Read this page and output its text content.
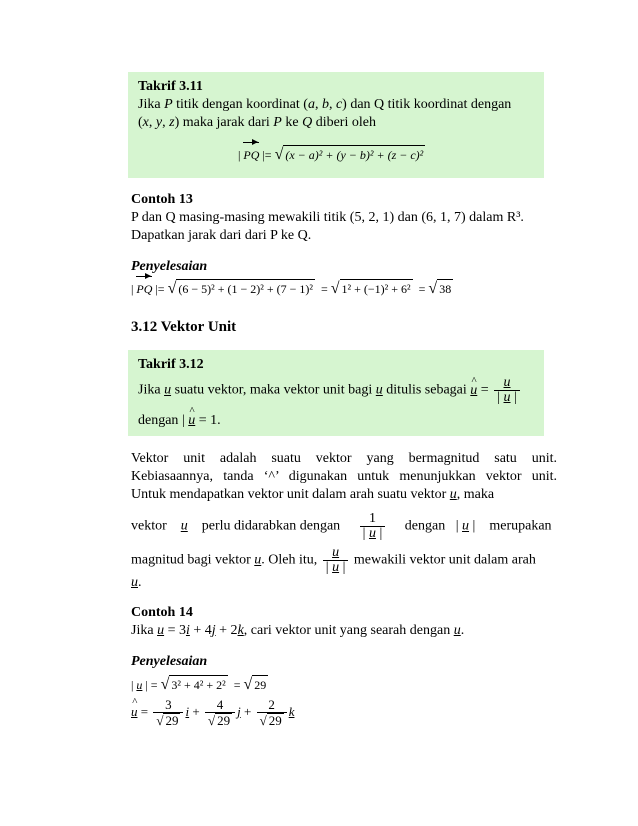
Takrif 3.11
Jika P titik dengan koordinat (a, b, c) dan Q titik koordinat dengan
(x, y, z) maka jarak dari P ke Q diberi oleh
| PQ |= √ (x − a)² + (y − b)² + (z − c)²
Contoh 13
P dan Q masing-masing mewakili titik (5, 2, 1) dan (6, 1, 7) dalam R³.
Dapatkan jarak dari dari P ke Q.
Penyelesaian
| PQ |= √ (6 − 5)² + (1 − 2)² + (7 − 1)²  = √ 1² + (−1)² + 6²  = √ 38
3.12 Vektor Unit
Takrif 3.12
Jika u suatu vektor, maka vektor unit bagi u ditulis sebagai ^ $u = \frac{u}{| u |}$
dengan | ^ u = 1.
Vektor unit adalah suatu vektor yang bermagnitud satu unit.
Kebiasaannya, tanda ‘^’ digunakan untuk menunjukkan vektor unit.
Untuk mendapatkan vektor unit dalam arah suatu vektor u, maka
vektor u perlu didarabkan dengan $\frac{1}{| u |}$ dengan   | u |    merupakan
magnitud bagi vektor u. Oleh itu, $\frac{u}{| u |}$ mewakili vektor unit dalam arah
u.
Contoh 14
Jika u = 3i + 4j + 2k, cari vektor unit yang searah dengan u.
Penyelesaian
| u | = √ 3² + 4² + 2²  = √ 29
^ $u = \frac{3}{√ 29}$ $i + \frac{4}{√ 29}$ $j + \frac{2}{√ 29}$ k
